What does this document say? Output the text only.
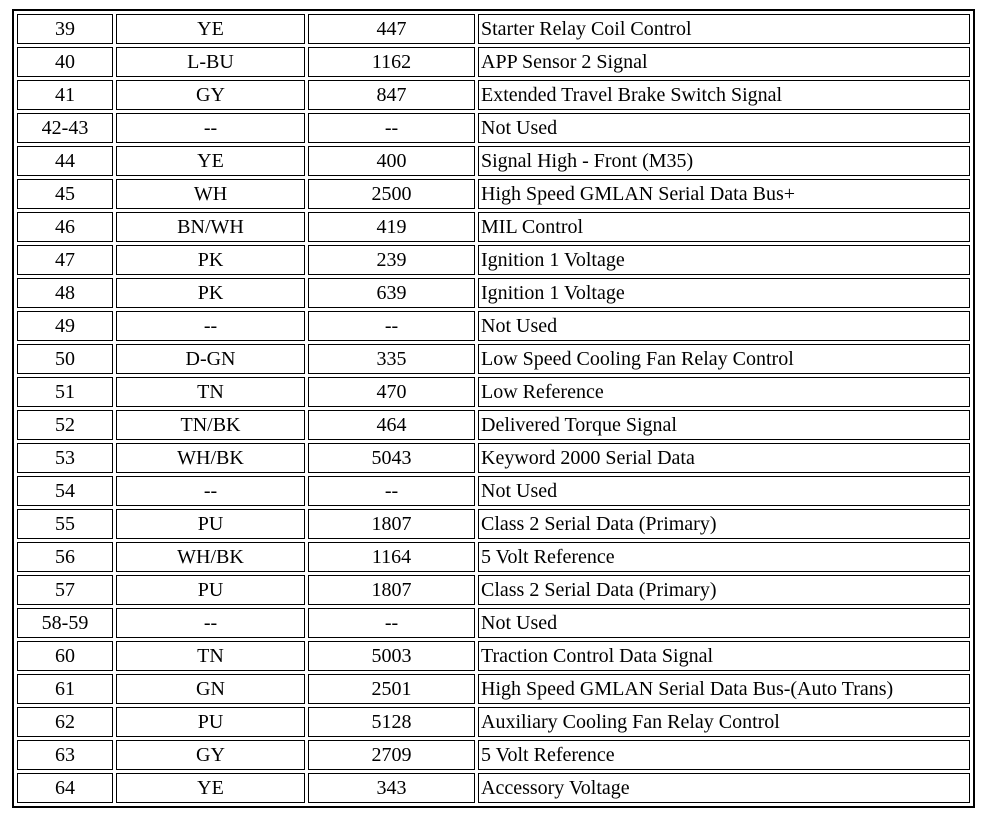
39	YE	447	Starter Relay Coil Control
40	L-BU	1162	APP Sensor 2 Signal
41	GY	847	Extended Travel Brake Switch Signal
42-43	--	--	Not Used
44	YE	400	Signal High - Front (M35)
45	WH	2500	High Speed GMLAN Serial Data Bus+
46	BN/WH	419	MIL Control
47	PK	239	Ignition 1 Voltage
48	PK	639	Ignition 1 Voltage
49	--	--	Not Used
50	D-GN	335	Low Speed Cooling Fan Relay Control
51	TN	470	Low Reference
52	TN/BK	464	Delivered Torque Signal
53	WH/BK	5043	Keyword 2000 Serial Data
54	--	--	Not Used
55	PU	1807	Class 2 Serial Data (Primary)
56	WH/BK	1164	5 Volt Reference
57	PU	1807	Class 2 Serial Data (Primary)
58-59	--	--	Not Used
60	TN	5003	Traction Control Data Signal
61	GN	2501	High Speed GMLAN Serial Data Bus-(Auto Trans)
62	PU	5128	Auxiliary Cooling Fan Relay Control
63	GY	2709	5 Volt Reference
64	YE	343	Accessory Voltage
